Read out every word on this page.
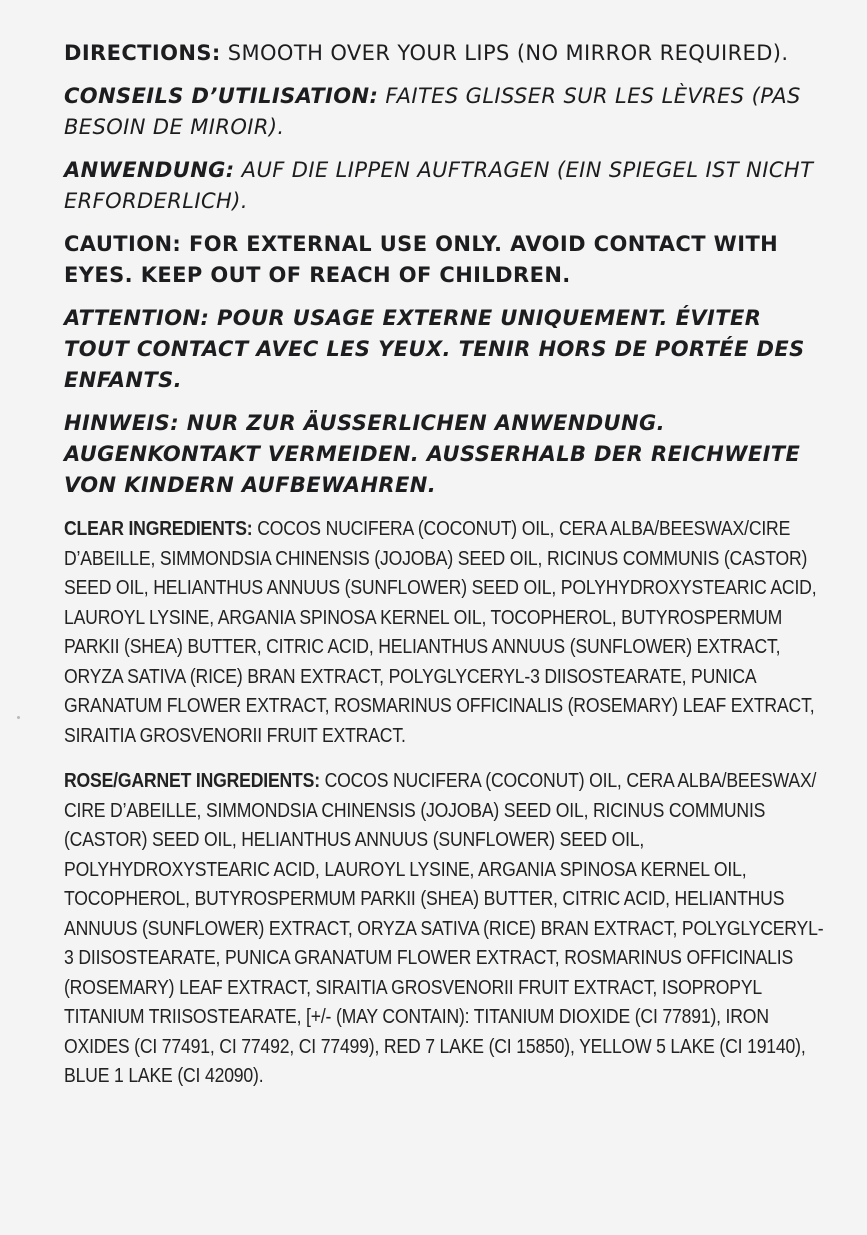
DIRECTIONS: SMOOTH OVER YOUR LIPS (NO MIRROR REQUIRED).

CONSEILS D’UTILISATION: FAITES GLISSER SUR LES LÈVRES (PAS BESOIN DE MIROIR).

ANWENDUNG: AUF DIE LIPPEN AUFTRAGEN (EIN SPIEGEL IST NICHT ERFORDERLICH).

CAUTION: FOR EXTERNAL USE ONLY. AVOID CONTACT WITH EYES. KEEP OUT OF REACH OF CHILDREN.

ATTENTION: POUR USAGE EXTERNE UNIQUEMENT. ÉVITER TOUT CONTACT AVEC LES YEUX. TENIR HORS DE PORTÉE DES ENFANTS.

HINWEIS: NUR ZUR ÄUSSERLICHEN ANWENDUNG. AUGENKONTAKT VERMEIDEN. AUSSERHALB DER REICHWEITE VON KINDERN AUFBEWAHREN.

CLEAR INGREDIENTS: COCOS NUCIFERA (COCONUT) OIL, CERA ALBA/BEESWAX/CIRE D’ABEILLE, SIMMONDSIA CHINENSIS (JOJOBA) SEED OIL, RICINUS COMMUNIS (CASTOR) SEED OIL, HELIANTHUS ANNUUS (SUNFLOWER) SEED OIL, POLYHYDROXYSTEARIC ACID, LAUROYL LYSINE, ARGANIA SPINOSA KERNEL OIL, TOCOPHEROL, BUTYROSPERMUM PARKII (SHEA) BUTTER, CITRIC ACID, HELIANTHUS ANNUUS (SUNFLOWER) EXTRACT, ORYZA SATIVA (RICE) BRAN EXTRACT, POLYGLYCERYL-3 DIISOSTEARATE, PUNICA GRANATUM FLOWER EXTRACT, ROSMARINUS OFFICINALIS (ROSEMARY) LEAF EXTRACT, SIRAITIA GROSVENORII FRUIT EXTRACT.

ROSE/GARNET INGREDIENTS: COCOS NUCIFERA (COCONUT) OIL, CERA ALBA/BEESWAX/ CIRE D’ABEILLE, SIMMONDSIA CHINENSIS (JOJOBA) SEED OIL, RICINUS COMMUNIS (CASTOR) SEED OIL, HELIANTHUS ANNUUS (SUNFLOWER) SEED OIL, POLYHYDROXYSTEARIC ACID, LAUROYL LYSINE, ARGANIA SPINOSA KERNEL OIL, TOCOPHEROL, BUTYROSPERMUM PARKII (SHEA) BUTTER, CITRIC ACID, HELIANTHUS ANNUUS (SUNFLOWER) EXTRACT, ORYZA SATIVA (RICE) BRAN EXTRACT, POLYGLYCERYL-3 DIISOSTEARATE, PUNICA GRANATUM FLOWER EXTRACT, ROSMARINUS OFFICINALIS (ROSEMARY) LEAF EXTRACT, SIRAITIA GROSVENORII FRUIT EXTRACT, ISOPROPYL TITANIUM TRIISOSTEARATE, [+/- (MAY CONTAIN): TITANIUM DIOXIDE (CI 77891), IRON OXIDES (CI 77491, CI 77492, CI 77499), RED 7 LAKE (CI 15850), YELLOW 5 LAKE (CI 19140), BLUE 1 LAKE (CI 42090).
